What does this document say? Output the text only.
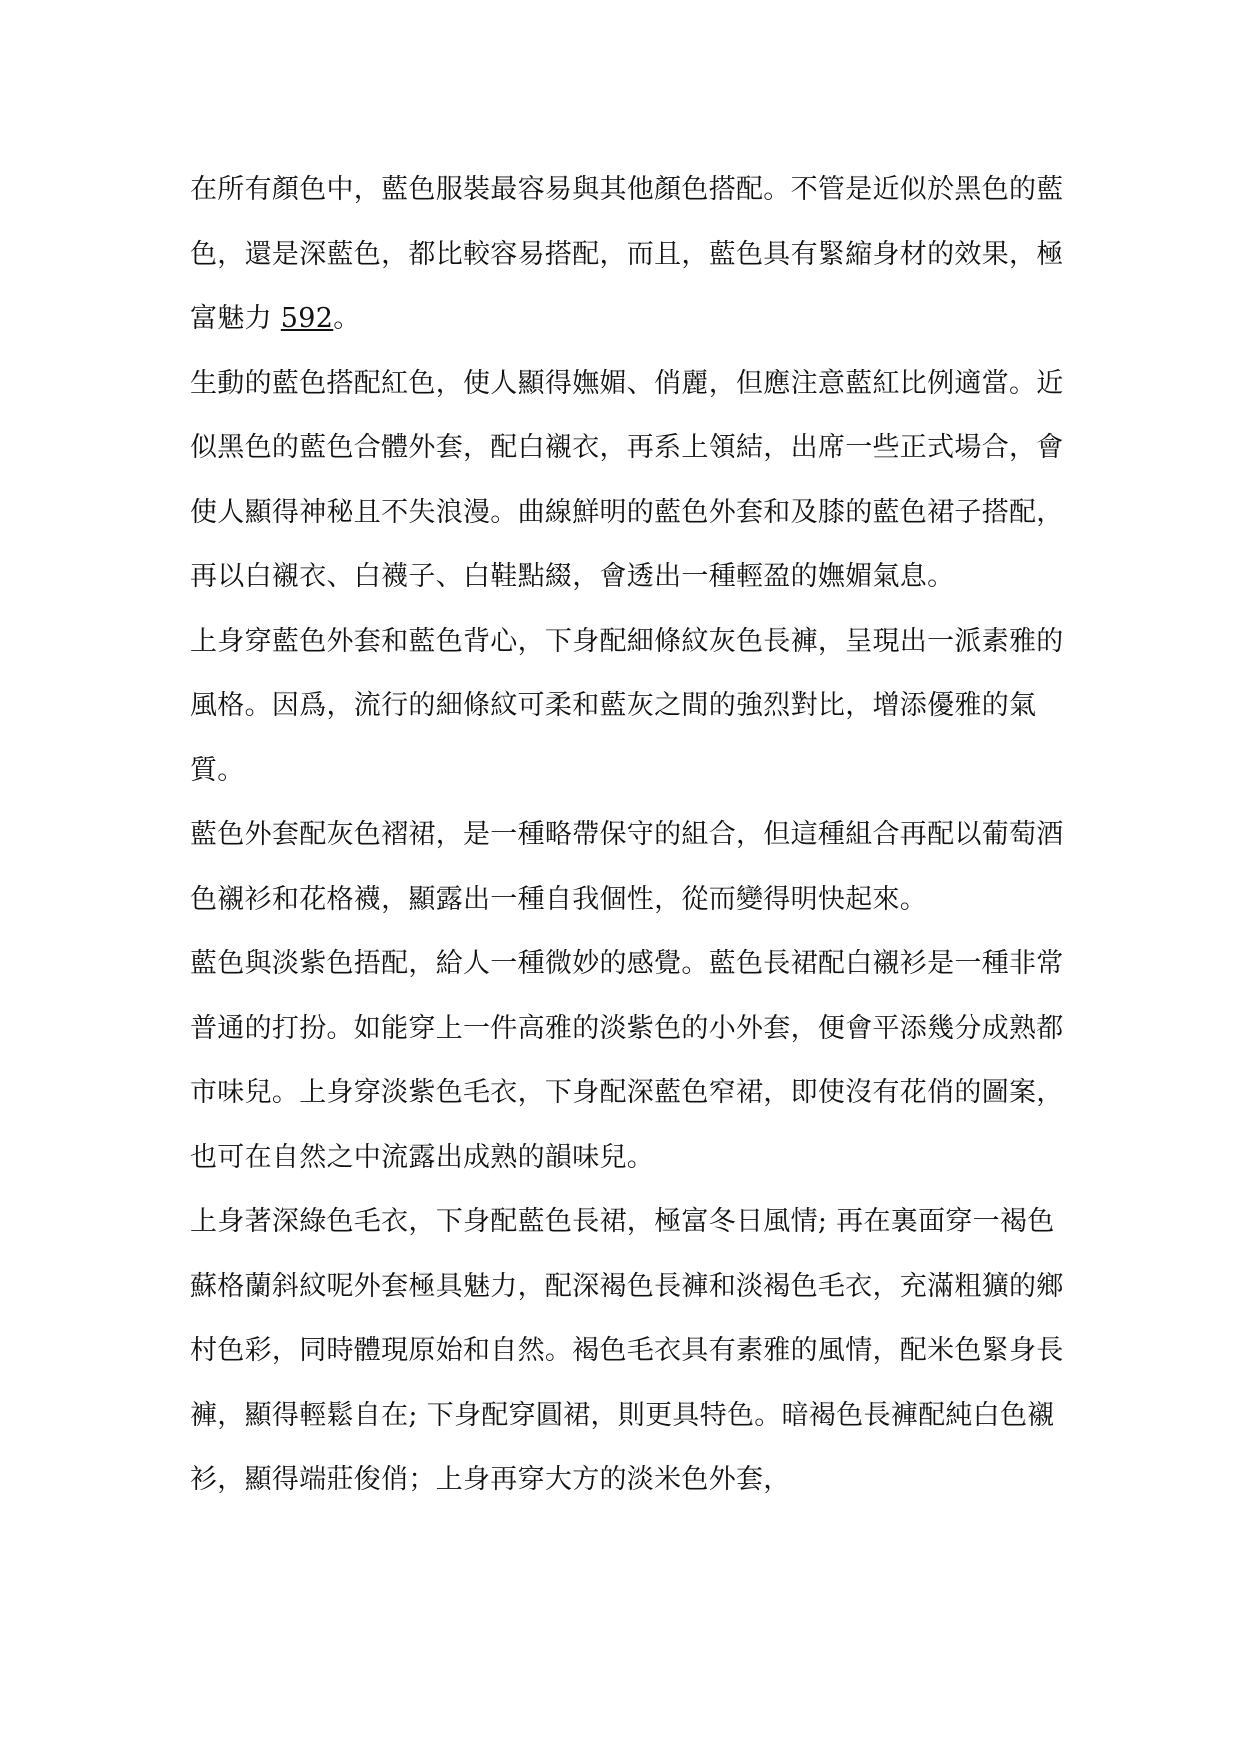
在所有顏色中，藍色服裝最容易與其他顏色搭配。不管是近似於黑色的藍色，還是深藍色，都比較容易搭配，而且，藍色具有緊縮身材的效果，極富魅力 592。

生動的藍色搭配紅色，使人顯得嫵媚、俏麗，但應注意藍紅比例適當。近似黑色的藍色合體外套，配白襯衣，再系上領結，出席一些正式場合，會使人顯得神秘且不失浪漫。曲線鮮明的藍色外套和及膝的藍色裙子搭配，再以白襯衣、白襪子、白鞋點綴，會透出一種輕盈的嫵媚氣息。

上身穿藍色外套和藍色背心，下身配細條紋灰色長褲，呈現出一派素雅的風格。因爲，流行的細條紋可柔和藍灰之間的強烈對比，增添優雅的氣質。

藍色外套配灰色褶裙，是一種略帶保守的組合，但這種組合再配以葡萄酒色襯衫和花格襪，顯露出一種自我個性，從而變得明快起來。

藍色與淡紫色捂配，給人一種微妙的感覺。藍色長裙配白襯衫是一種非常普通的打扮。如能穿上一件高雅的淡紫色的小外套，便會平添幾分成熟都市味兒。上身穿淡紫色毛衣，下身配深藍色窄裙，即使沒有花俏的圖案，也可在自然之中流露出成熟的韻味兒。

上身著深綠色毛衣，下身配藍色長裙，極富冬日風情; 再在裏面穿一褐色蘇格蘭斜紋呢外套極具魅力，配深褐色長褲和淡褐色毛衣，充滿粗獷的鄉村色彩，同時體現原始和自然。褐色毛衣具有素雅的風情，配米色緊身長褲，顯得輕鬆自在; 下身配穿圓裙，則更具特色。暗褐色長褲配純白色襯衫，顯得端莊俊俏；上身再穿大方的淡米色外套，
